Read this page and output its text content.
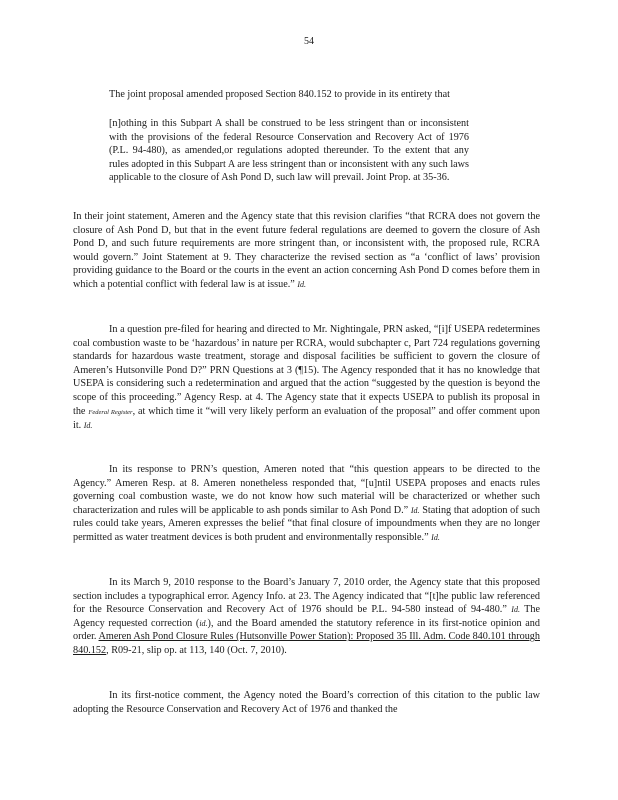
54
The joint proposal amended proposed Section 840.152 to provide in its entirety that
[n]othing in this Subpart A shall be construed to be less stringent than or inconsistent with the provisions of the federal Resource Conservation and Recovery Act of 1976 (P.L. 94-480), as amended,or regulations adopted thereunder. To the extent that any rules adopted in this Subpart A are less stringent than or inconsistent with any such laws applicable to the closure of Ash Pond D, such law will prevail. Joint Prop. at 35-36.
In their joint statement, Ameren and the Agency state that this revision clarifies “that RCRA does not govern the closure of Ash Pond D, but that in the event future federal regulations are deemed to govern the closure of Ash Pond D, and such future requirements are more stringent than, or inconsistent with, the proposed rule, RCRA would govern.” Joint Statement at 9. They characterize the revised section as “a ‘conflict of laws’ provision providing guidance to the Board or the courts in the event an action concerning Ash Pond D comes before them in which a potential conflict with federal law is at issue.” Id.
In a question pre-filed for hearing and directed to Mr. Nightingale, PRN asked, “[i]f USEPA redetermines coal combustion waste to be ‘hazardous’ in nature per RCRA, would subchapter c, Part 724 regulations governing standards for hazardous waste treatment, storage and disposal facilities be sufficient to govern the closure of Ameren’s Hutsonville Pond D?” PRN Questions at 3 (¶15). The Agency responded that it has no knowledge that USEPA is considering such a redetermination and argued that the action “suggested by the question is beyond the scope of this proceeding.” Agency Resp. at 4. The Agency state that it expects USEPA to publish its proposal in the Federal Register, at which time it “will very likely perform an evaluation of the proposal” and offer comment upon it. Id.
In its response to PRN’s question, Ameren noted that “this question appears to be directed to the Agency.” Ameren Resp. at 8. Ameren nonetheless responded that, “[u]ntil USEPA proposes and enacts rules governing coal combustion waste, we do not know how such material will be characterized or whether such characterization and rules will be applicable to ash ponds similar to Ash Pond D.” Id. Stating that adoption of such rules could take years, Ameren expresses the belief “that final closure of impoundments when they are no longer permitted as water treatment devices is both prudent and environmentally responsible.” Id.
In its March 9, 2010 response to the Board’s January 7, 2010 order, the Agency state that this proposed section includes a typographical error. Agency Info. at 23. The Agency indicated that “[t]he public law referenced for the Resource Conservation and Recovery Act of 1976 should be P.L. 94-580 instead of 94-480.” Id. The Agency requested correction (id.), and the Board amended the statutory reference in its first-notice opinion and order. Ameren Ash Pond Closure Rules (Hutsonville Power Station): Proposed 35 Ill. Adm. Code 840.101 through 840.152, R09-21, slip op. at 113, 140 (Oct. 7, 2010).
In its first-notice comment, the Agency noted the Board’s correction of this citation to the public law adopting the Resource Conservation and Recovery Act of 1976 and thanked the
